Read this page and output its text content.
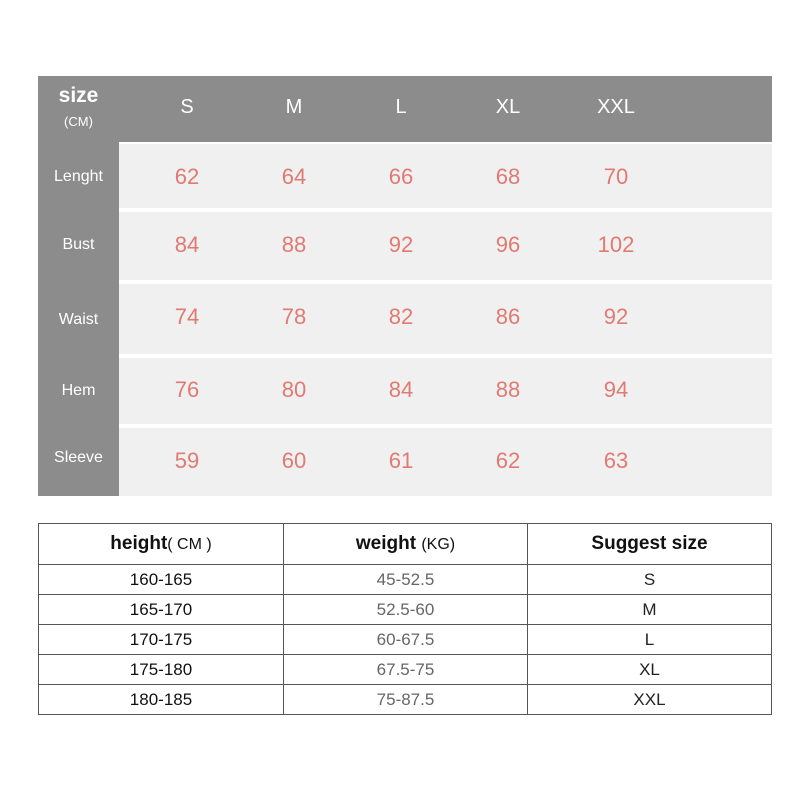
size
(CM)
S	M	L	XL	XXL
Lenght	62	64	66	68	70
Bust	84	88	92	96	102
Waist	74	78	82	86	92
Hem	76	80	84	88	94
Sleeve	59	60	61	62	63
height( CM )	weight (KG)	Suggest size
160-165	45-52.5	S
165-170	52.5-60	M
170-175	60-67.5	L
175-180	67.5-75	XL
180-185	75-87.5	XXL
